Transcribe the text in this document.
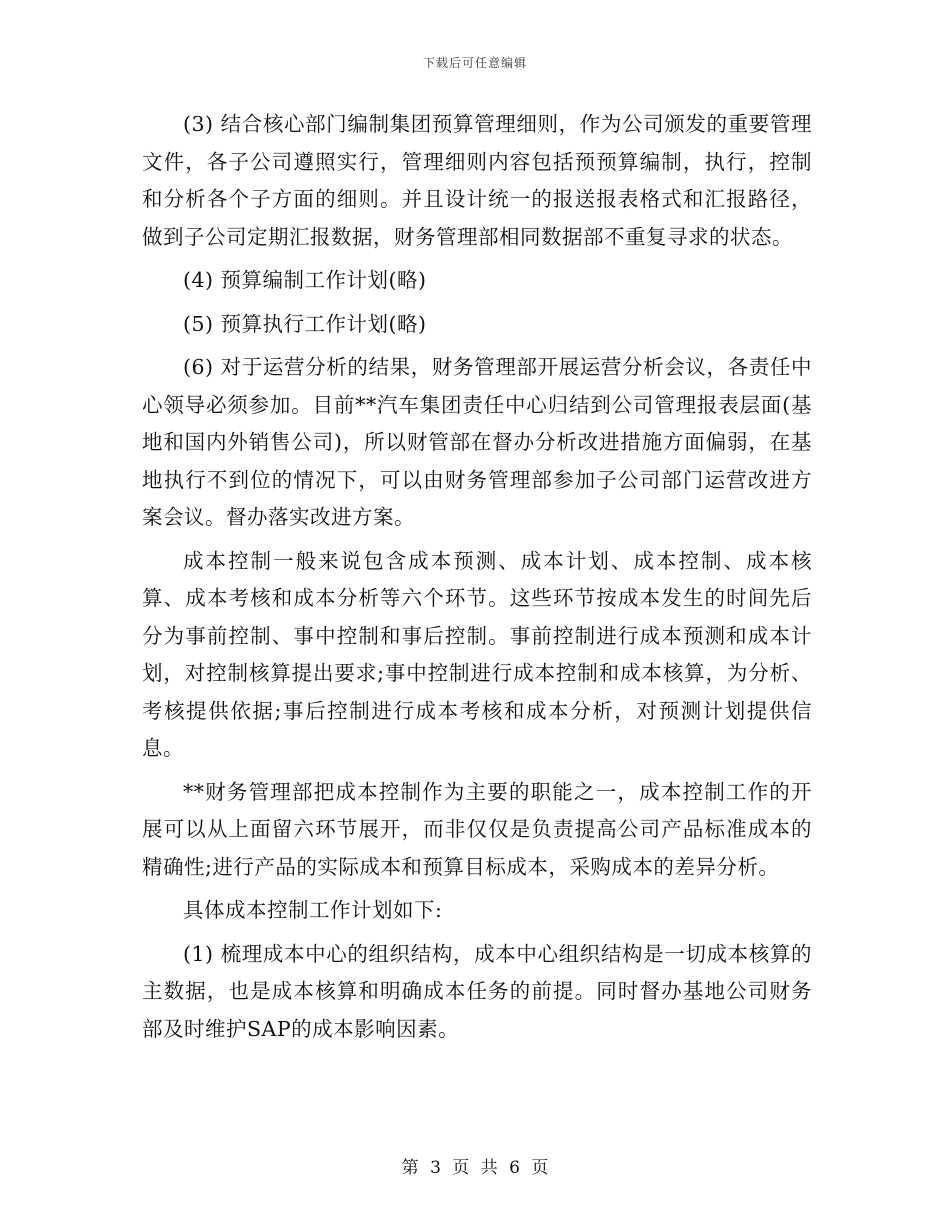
下载后可任意编辑

(3) 结合核心部门编制集团预算管理细则，作为公司颁发的重要管理文件，各子公司遵照实行，管理细则内容包括预预算编制，执行，控制和分析各个子方面的细则。并且设计统一的报送报表格式和汇报路径，做到子公司定期汇报数据，财务管理部相同数据部不重复寻求的状态。

(4) 预算编制工作计划(略)

(5) 预算执行工作计划(略)

(6) 对于运营分析的结果，财务管理部开展运营分析会议，各责任中心领导必须参加。目前**汽车集团责任中心归结到公司管理报表层面(基地和国内外销售公司)，所以财管部在督办分析改进措施方面偏弱，在基地执行不到位的情况下，可以由财务管理部参加子公司部门运营改进方案会议。督办落实改进方案。

成本控制一般来说包含成本预测、成本计划、成本控制、成本核算、成本考核和成本分析等六个环节。这些环节按成本发生的时间先后分为事前控制、事中控制和事后控制。事前控制进行成本预测和成本计划，对控制核算提出要求;事中控制进行成本控制和成本核算，为分析、考核提供依据;事后控制进行成本考核和成本分析，对预测计划提供信息。

**财务管理部把成本控制作为主要的职能之一，成本控制工作的开展可以从上面留六环节展开，而非仅仅是负责提高公司产品标准成本的精确性;进行产品的实际成本和预算目标成本，采购成本的差异分析。

具体成本控制工作计划如下:

(1) 梳理成本中心的组织结构，成本中心组织结构是一切成本核算的主数据，也是成本核算和明确成本任务的前提。同时督办基地公司财务部及时维护SAP的成本影响因素。

第 3 页 共 6 页
